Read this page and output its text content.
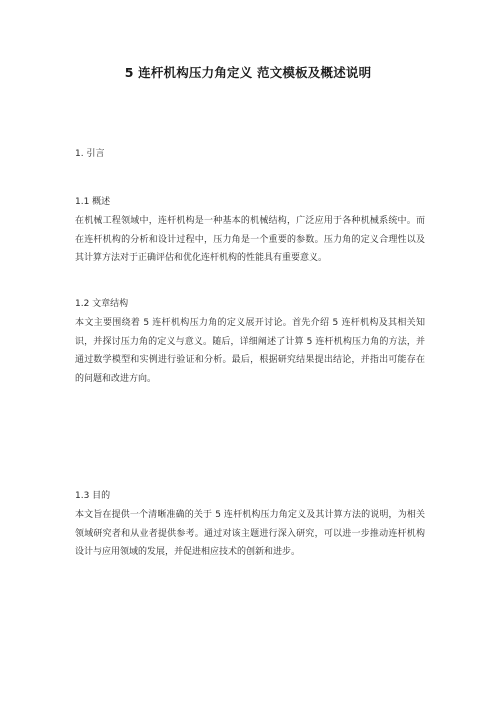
5 连杆机构压力角定义 范文模板及概述说明
1. 引言
1.1 概述
在机械工程领域中，连杆机构是一种基本的机械结构，广泛应用于各种机械系统中。而在连杆机构的分析和设计过程中，压力角是一个重要的参数。压力角的定义合理性以及其计算方法对于正确评估和优化连杆机构的性能具有重要意义。
1.2 文章结构
本文主要围绕着 5 连杆机构压力角的定义展开讨论。首先介绍 5 连杆机构及其相关知识，并探讨压力角的定义与意义。随后，详细阐述了计算 5 连杆机构压力角的方法，并通过数学模型和实例进行验证和分析。最后，根据研究结果提出结论，并指出可能存在的问题和改进方向。
1.3 目的
本文旨在提供一个清晰准确的关于 5 连杆机构压力角定义及其计算方法的说明，为相关领域研究者和从业者提供参考。通过对该主题进行深入研究，可以进一步推动连杆机构设计与应用领域的发展，并促进相应技术的创新和进步。
